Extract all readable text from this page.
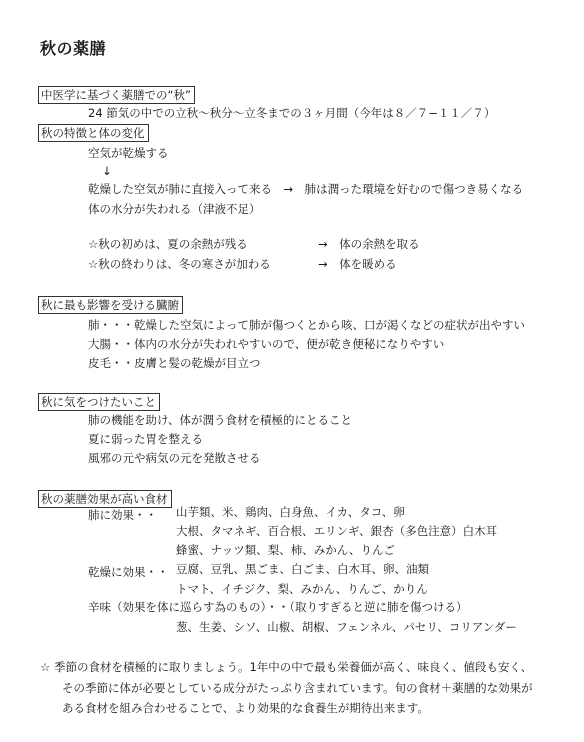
秋の薬膳
中医学に基づく薬膳での“秋”
24 節気の中での立秋～秋分～立冬までの３ヶ月間（今年は８／７−１１／７）
秋の特徴と体の変化
空気が乾燥する
↓
乾燥した空気が肺に直接入って来る　→　肺は潤った環境を好むので傷つき易くなる
体の水分が失われる（津液不足）
☆秋の初めは、夏の余熱が残る	→　体の余熱を取る
☆秋の終わりは、冬の寒さが加わる	→　体を暖める
秋に最も影響を受ける臓腑
肺・・・乾燥した空気によって肺が傷つくとから咳、口が渇くなどの症状が出やすい
大腸・・体内の水分が失われやすいので、便が乾き便秘になりやすい
皮毛・・皮膚と髪の乾燥が目立つ
秋に気をつけたいこと
肺の機能を助け、体が潤う食材を積極的にとること
夏に弱った胃を整える
風邪の元や病気の元を発散させる
秋の薬膳効果が高い食材
肺に効果・・ 山芋類、米、鶏肉、白身魚、イカ、タコ、卵
大根、タマネギ、百合根、エリンギ、銀杏（多色注意）白木耳
蜂蜜、ナッツ類、梨、柿、みかん、りんご
乾燥に効果・・ 豆腐、豆乳、黒ごま、白ごま、白木耳、卵、油類
トマト、イチジク、梨、みかん、りんご、かりん
辛味（効果を体に巡らす為のもの）・・（取りすぎると逆に肺を傷つける）
葱、生姜、シソ、山椒、胡椒、フェンネル、パセリ、コリアンダー
☆ 季節の食材を積極的に取りましょう。1年中の中で最も栄養価が高く、味良く、値段も安く、
その季節に体が必要としている成分がたっぷり含まれています。旬の食材＋薬膳的な効果が
ある食材を組み合わせることで、より効果的な食養生が期待出来ます。
